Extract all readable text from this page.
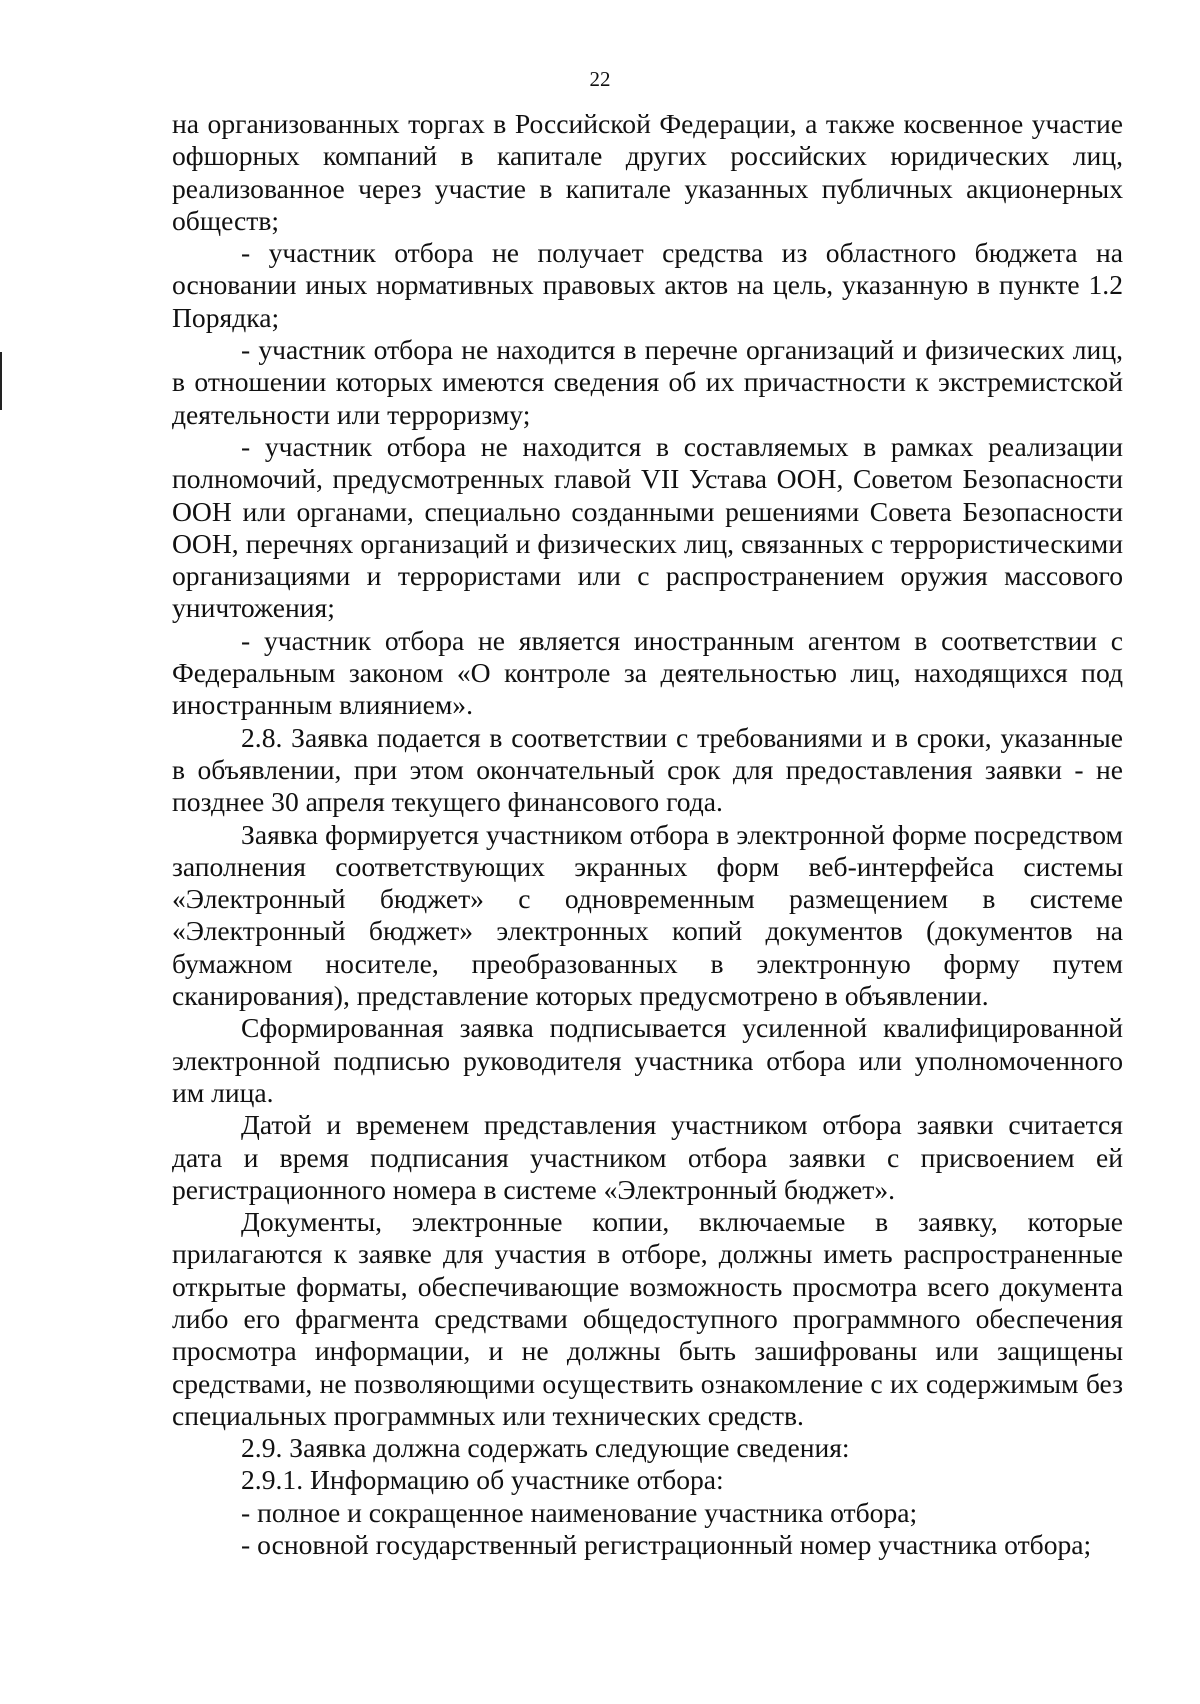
22

на организованных торгах в Российской Федерации, а также косвенное участие офшорных компаний в капитале других российских юридических лиц, реализованное через участие в капитале указанных публичных акционерных обществ;

- участник отбора не получает средства из областного бюджета на основании иных нормативных правовых актов на цель, указанную в пункте 1.2 Порядка;

- участник отбора не находится в перечне организаций и физических лиц, в отношении которых имеются сведения об их причастности к экстремистской деятельности или терроризму;

- участник отбора не находится в составляемых в рамках реализации полномочий, предусмотренных главой VII Устава ООН, Советом Безопасности ООН или органами, специально созданными решениями Совета Безопасности ООН, перечнях организаций и физических лиц, связанных с террористическими организациями и террористами или с распространением оружия массового уничтожения;

- участник отбора не является иностранным агентом в соответствии с Федеральным законом «О контроле за деятельностью лиц, находящихся под иностранным влиянием».

2.8. Заявка подается в соответствии с требованиями и в сроки, указанные в объявлении, при этом окончательный срок для предоставления заявки - не позднее 30 апреля текущего финансового года.

Заявка формируется участником отбора в электронной форме посредством заполнения соответствующих экранных форм веб-интерфейса системы «Электронный бюджет» с одновременным размещением в системе «Электронный бюджет» электронных копий документов (документов на бумажном носителе, преобразованных в электронную форму путем сканирования), представление которых предусмотрено в объявлении.

Сформированная заявка подписывается усиленной квалифицированной электронной подписью руководителя участника отбора или уполномоченного им лица.

Датой и временем представления участником отбора заявки считается дата и время подписания участником отбора заявки с присвоением ей регистрационного номера в системе «Электронный бюджет».

Документы, электронные копии, включаемые в заявку, которые прилагаются к заявке для участия в отборе, должны иметь распространенные открытые форматы, обеспечивающие возможность просмотра всего документа либо его фрагмента средствами общедоступного программного обеспечения просмотра информации, и не должны быть зашифрованы или защищены средствами, не позволяющими осуществить ознакомление с их содержимым без специальных программных или технических средств.

2.9. Заявка должна содержать следующие сведения:

2.9.1. Информацию об участнике отбора:

- полное и сокращенное наименование участника отбора;

- основной государственный регистрационный номер участника отбора;
